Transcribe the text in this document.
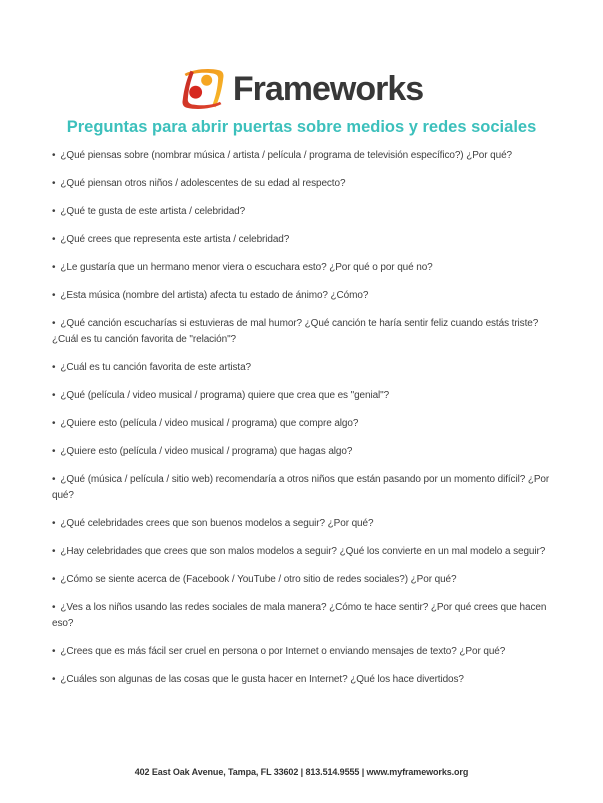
Frameworks
Preguntas para abrir puertas sobre medios y redes sociales

• ¿Qué piensas sobre (nombrar música / artista / película / programa de televisión específico?) ¿Por qué?

• ¿Qué piensan otros niños / adolescentes de su edad al respecto?

• ¿Qué te gusta de este artista / celebridad?

• ¿Qué crees que representa este artista / celebridad?

• ¿Le gustaría que un hermano menor viera o escuchara esto? ¿Por qué o por qué no?

• ¿Esta música (nombre del artista) afecta tu estado de ánimo? ¿Cómo?

• ¿Qué canción escucharías si estuvieras de mal humor? ¿Qué canción te haría sentir feliz cuando estás triste? ¿Cuál es tu canción favorita de "relación"?

• ¿Cuál es tu canción favorita de este artista?

• ¿Qué (película / video musical / programa) quiere que crea que es "genial"?

• ¿Quiere esto (película / video musical / programa) que compre algo?

• ¿Quiere esto (película / video musical / programa) que hagas algo?

• ¿Qué (música / película / sitio web) recomendaría a otros niños que están pasando por un momento difícil? ¿Por qué?

• ¿Qué celebridades crees que son buenos modelos a seguir? ¿Por qué?

• ¿Hay celebridades que crees que son malos modelos a seguir? ¿Qué los convierte en un mal modelo a seguir?

• ¿Cómo se siente acerca de (Facebook / YouTube / otro sitio de redes sociales?) ¿Por qué?

• ¿Ves a los niños usando las redes sociales de mala manera? ¿Cómo te hace sentir? ¿Por qué crees que hacen eso?

• ¿Crees que es más fácil ser cruel en persona o por Internet o enviando mensajes de texto? ¿Por qué?

• ¿Cuáles son algunas de las cosas que le gusta hacer en Internet? ¿Qué los hace divertidos?

402 East Oak Avenue, Tampa, FL 33602 | 813.514.9555 | www.myframeworks.org
